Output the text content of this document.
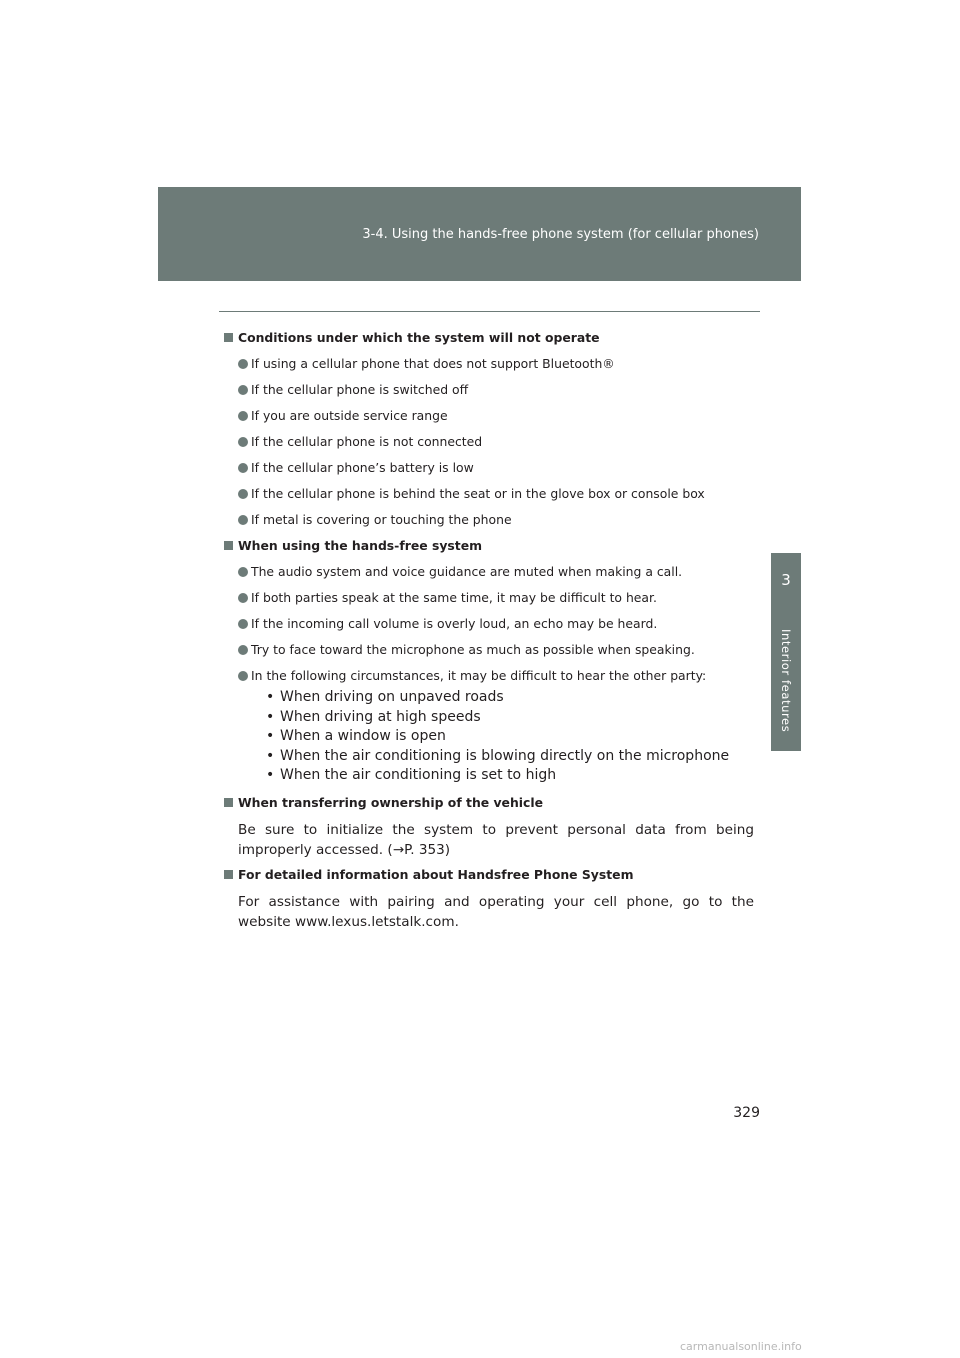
3-4. Using the hands-free phone system (for cellular phones)
3
Interior features
Conditions under which the system will not operate
If using a cellular phone that does not support Bluetooth®
If the cellular phone is switched off
If you are outside service range
If the cellular phone is not connected
If the cellular phone’s battery is low
If the cellular phone is behind the seat or in the glove box or console box
If metal is covering or touching the phone
When using the hands-free system
The audio system and voice guidance are muted when making a call.
If both parties speak at the same time, it may be difficult to hear.
If the incoming call volume is overly loud, an echo may be heard.
Try to face toward the microphone as much as possible when speaking.
In the following circumstances, it may be difficult to hear the other party:
• When driving on unpaved roads
• When driving at high speeds
• When a window is open
• When the air conditioning is blowing directly on the microphone
• When the air conditioning is set to high
When transferring ownership of the vehicle
Be sure to initialize the system to prevent personal data from being improperly accessed. (→P. 353)
For detailed information about Handsfree Phone System
For assistance with pairing and operating your cell phone, go to the website www.lexus.letstalk.com.
329
carmanualsonline.info
